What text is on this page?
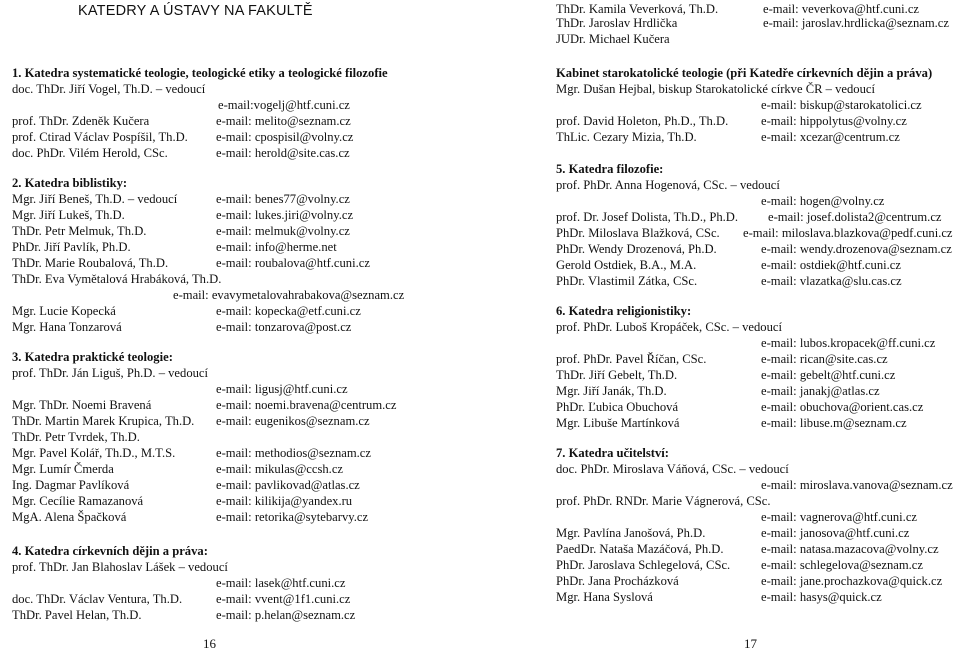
KATEDRY A ÚSTAVY NA FAKULTĚ
16
1. Katedra systematické teologie, teologické etiky a teologické filozofie
doc. ThDr. Jiří Vogel, Th.D. – vedoucí
e-mail:vogelj@htf.cuni.cz
prof. ThDr. Zdeněk Kučera	e-mail: melito@seznam.cz
prof. Ctirad Václav Pospíšil, Th.D. e-mail: cpospisil@volny.cz
doc. PhDr. Vilém Herold, CSc.	e-mail: herold@site.cas.cz
2. Katedra biblistiky:
Mgr. Jiří Beneš, Th.D. – vedoucí	e-mail: benes77@volny.cz
Mgr. Jiří Lukeš, Th.D.	e-mail: lukes.jiri@volny.cz
ThDr. Petr Melmuk, Th.D.	e-mail: melmuk@volny.cz
PhDr. Jiří Pavlík, Ph.D.	e-mail: info@herme.net
ThDr. Marie Roubalová, Th.D.	e-mail: roubalova@htf.cuni.cz
ThDr. Eva Vymětalová Hrabáková, Th.D.
e-mail: evavymetalovahrabakova@seznam.cz
Mgr. Lucie Kopecká	e-mail: kopecka@etf.cuni.cz
Mgr. Hana Tonzarová	e-mail: tonzarova@post.cz
3. Katedra praktické teologie:
prof. ThDr. Ján Liguš, Ph.D. – vedoucí
e-mail: ligusj@htf.cuni.cz
Mgr. ThDr. Noemi Bravená	e-mail: noemi.bravena@centrum.cz
ThDr. Martin Marek Krupica, Th.D. e-mail: eugenikos@seznam.cz
ThDr. Petr Tvrdek, Th.D.
Mgr. Pavel Kolář, Th.D., M.T.S.	e-mail: methodios@seznam.cz
Mgr. Lumír Čmerda	e-mail: mikulas@ccsh.cz
Ing. Dagmar Pavlíková	e-mail: pavlikovad@atlas.cz
Mgr. Cecílie Ramazanová	e-mail: kilikija@yandex.ru
MgA. Alena Špačková	e-mail: retorika@sytebarvy.cz
4. Katedra církevních dějin a práva:
prof. ThDr. Jan Blahoslav Lášek – vedoucí
e-mail: lasek@htf.cuni.cz
doc. ThDr. Václav Ventura, Th.D.	e-mail: vvent@1f1.cuni.cz
ThDr. Pavel Helan, Th.D.	e-mail: p.helan@seznam.cz
17
ThDr. Kamila Veverková, Th.D.	e-mail: veverkova@htf.cuni.cz
ThDr. Jaroslav Hrdlička	e-mail: jaroslav.hrdlicka@seznam.cz
JUDr. Michael Kučera
Kabinet starokatolické teologie (při Katedře církevních dějin a práva)
Mgr. Dušan Hejbal, biskup Starokatolické církve ČR – vedoucí
e-mail: biskup@starokatolici.cz
prof. David Holeton, Ph.D., Th.D.	e-mail: hippolytus@volny.cz
ThLic. Cezary Mizia, Th.D.	e-mail: xcezar@centrum.cz
5. Katedra filozofie:
prof. PhDr. Anna Hogenová, CSc. – vedoucí
e-mail: hogen@volny.cz
prof. Dr. Josef Dolista, Th.D., Ph.D. e-mail: josef.dolista2@centrum.cz
PhDr. Miloslava Blažková, CSc. e-mail: miloslava.blazkova@pedf.cuni.cz
PhDr. Wendy Drozenová, Ph.D.	e-mail: wendy.drozenova@seznam.cz
Gerold Ostdiek, B.A., M.A.	e-mail: ostdiek@htf.cuni.cz
PhDr. Vlastimil Zátka, CSc.	e-mail: vlazatka@slu.cas.cz
6. Katedra religionistiky:
prof. PhDr. Luboš Kropáček, CSc. – vedoucí
e-mail: lubos.kropacek@ff.cuni.cz
prof. PhDr. Pavel Říčan, CSc.	e-mail: rican@site.cas.cz
ThDr. Jiří Gebelt, Th.D.	e-mail: gebelt@htf.cuni.cz
Mgr. Jiří Janák, Th.D.	e-mail: janakj@atlas.cz
PhDr. Ľubica Obuchová	e-mail: obuchova@orient.cas.cz
Mgr. Libuše Martínková	e-mail: libuse.m@seznam.cz
7. Katedra učitelství:
doc. PhDr. Miroslava Váňová, CSc. – vedoucí
e-mail: miroslava.vanova@seznam.cz
prof. PhDr. RNDr. Marie Vágnerová, CSc.
e-mail: vagnerova@htf.cuni.cz
Mgr. Pavlína Janošová, Ph.D.	e-mail: janosova@htf.cuni.cz
PaedDr. Nataša Mazáčová, Ph.D.	e-mail: natasa.mazacova@volny.cz
PhDr. Jaroslava Schlegelová, CSc. e-mail: schlegelova@seznam.cz
PhDr. Jana Procházková	e-mail: jane.prochazkova@quick.cz
Mgr. Hana Syslová	e-mail: hasys@quick.cz
